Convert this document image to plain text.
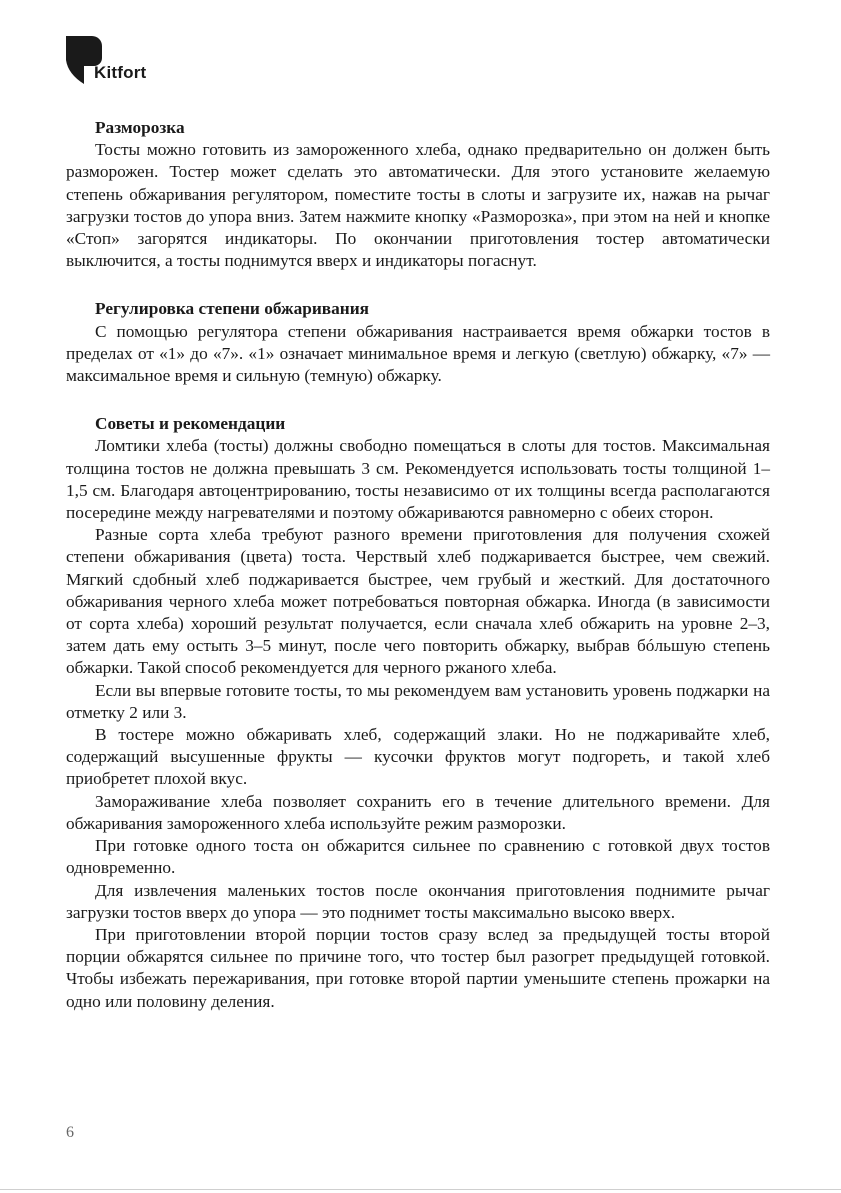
Kitfort
Разморозка

Тосты можно готовить из замороженного хлеба, однако предварительно он должен быть разморожен. Тостер может сделать это автоматически. Для этого установите желаемую степень обжаривания регулятором, поместите тосты в слоты и загрузите их, нажав на рычаг загрузки тостов до упора вниз. Затем нажмите кнопку «Разморозка», при этом на ней и кнопке «Стоп» загорятся индикаторы. По окончании приготовления тостер автоматически выключится, а тосты поднимутся вверх и индикаторы погаснут.

Регулировка степени обжаривания

С помощью регулятора степени обжаривания настраивается время обжарки тостов в пределах от «1» до «7». «1» означает минимальное время и легкую (светлую) обжарку, «7» — максимальное время и сильную (темную) обжарку.

Советы и рекомендации

Ломтики хлеба (тосты) должны свободно помещаться в слоты для тостов. Максимальная толщина тостов не должна превышать 3 см. Рекомендуется использовать тосты толщиной 1–1,5 см. Благодаря автоцентрированию, тосты независимо от их толщины всегда располагаются посередине между нагревателями и поэтому обжариваются равномерно с обеих сторон.

Разные сорта хлеба требуют разного времени приготовления для получения схожей степени обжаривания (цвета) тоста. Черствый хлеб поджаривается быстрее, чем свежий. Мягкий сдобный хлеб поджаривается быстрее, чем грубый и жесткий. Для достаточного обжаривания черного хлеба может потребоваться повторная обжарка. Иногда (в зависимости от сорта хлеба) хороший результат получается, если сначала хлеб обжарить на уровне 2–3, затем дать ему остыть 3–5 минут, после чего повторить обжарку, выбрав бóльшую степень обжарки. Такой способ рекомендуется для черного ржаного хлеба.

Если вы впервые готовите тосты, то мы рекомендуем вам установить уровень поджарки на отметку 2 или 3.

В тостере можно обжаривать хлеб, содержащий злаки. Но не поджаривайте хлеб, содержащий высушенные фрукты — кусочки фруктов могут подгореть, и такой хлеб приобретет плохой вкус.

Замораживание хлеба позволяет сохранить его в течение длительного времени. Для обжаривания замороженного хлеба используйте режим разморозки.

При готовке одного тоста он обжарится сильнее по сравнению с готовкой двух тостов одновременно.

Для извлечения маленьких тостов после окончания приготовления поднимите рычаг загрузки тостов вверх до упора — это поднимет тосты максимально высоко вверх.

При приготовлении второй порции тостов сразу вслед за предыдущей тосты второй порции обжарятся сильнее по причине того, что тостер был разогрет предыдущей готовкой. Чтобы избежать пережаривания, при готовке второй партии уменьшите степень прожарки на одно или половину деления.

6
